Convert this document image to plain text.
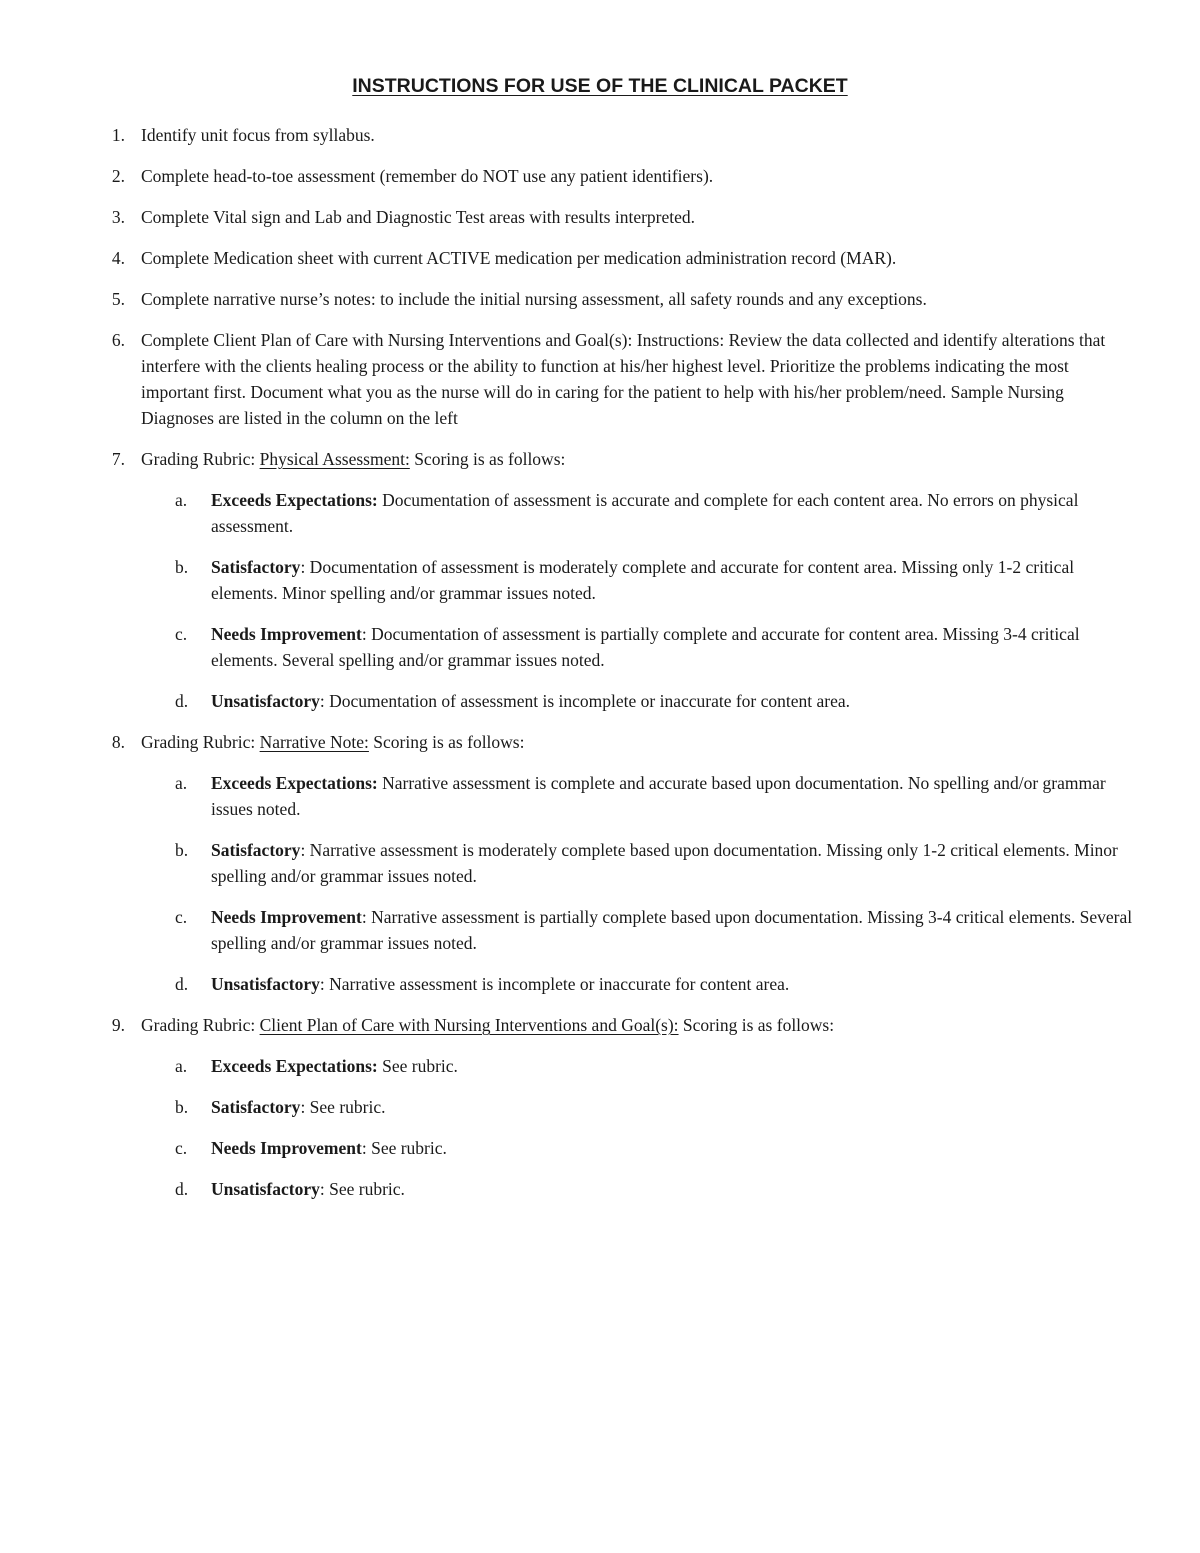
INSTRUCTIONS FOR USE OF THE CLINICAL PACKET
1. Identify unit focus from syllabus.
2. Complete head-to-toe assessment (remember do NOT use any patient identifiers).
3. Complete Vital sign and Lab and Diagnostic Test areas with results interpreted.
4. Complete Medication sheet with current ACTIVE medication per medication administration record (MAR).
5. Complete narrative nurse’s notes: to include the initial nursing assessment, all safety rounds and any exceptions.
6. Complete Client Plan of Care with Nursing Interventions and Goal(s): Instructions: Review the data collected and identify alterations that interfere with the clients healing process or the ability to function at his/her highest level. Prioritize the problems indicating the most important first. Document what you as the nurse will do in caring for the patient to help with his/her problem/need. Sample Nursing Diagnoses are listed in the column on the left
7. Grading Rubric: Physical Assessment: Scoring is as follows:
a. Exceeds Expectations: Documentation of assessment is accurate and complete for each content area. No errors on physical assessment.
b. Satisfactory: Documentation of assessment is moderately complete and accurate for content area. Missing only 1-2 critical elements. Minor spelling and/or grammar issues noted.
c. Needs Improvement: Documentation of assessment is partially complete and accurate for content area. Missing 3-4 critical elements. Several spelling and/or grammar issues noted.
d. Unsatisfactory: Documentation of assessment is incomplete or inaccurate for content area.
8. Grading Rubric: Narrative Note: Scoring is as follows:
a. Exceeds Expectations: Narrative assessment is complete and accurate based upon documentation. No spelling and/or grammar issues noted.
b. Satisfactory: Narrative assessment is moderately complete based upon documentation. Missing only 1-2 critical elements. Minor spelling and/or grammar issues noted.
c. Needs Improvement: Narrative assessment is partially complete based upon documentation. Missing 3-4 critical elements. Several spelling and/or grammar issues noted.
d. Unsatisfactory: Narrative assessment is incomplete or inaccurate for content area.
9. Grading Rubric: Client Plan of Care with Nursing Interventions and Goal(s): Scoring is as follows:
a. Exceeds Expectations: See rubric.
b. Satisfactory: See rubric.
c. Needs Improvement: See rubric.
d. Unsatisfactory: See rubric.
